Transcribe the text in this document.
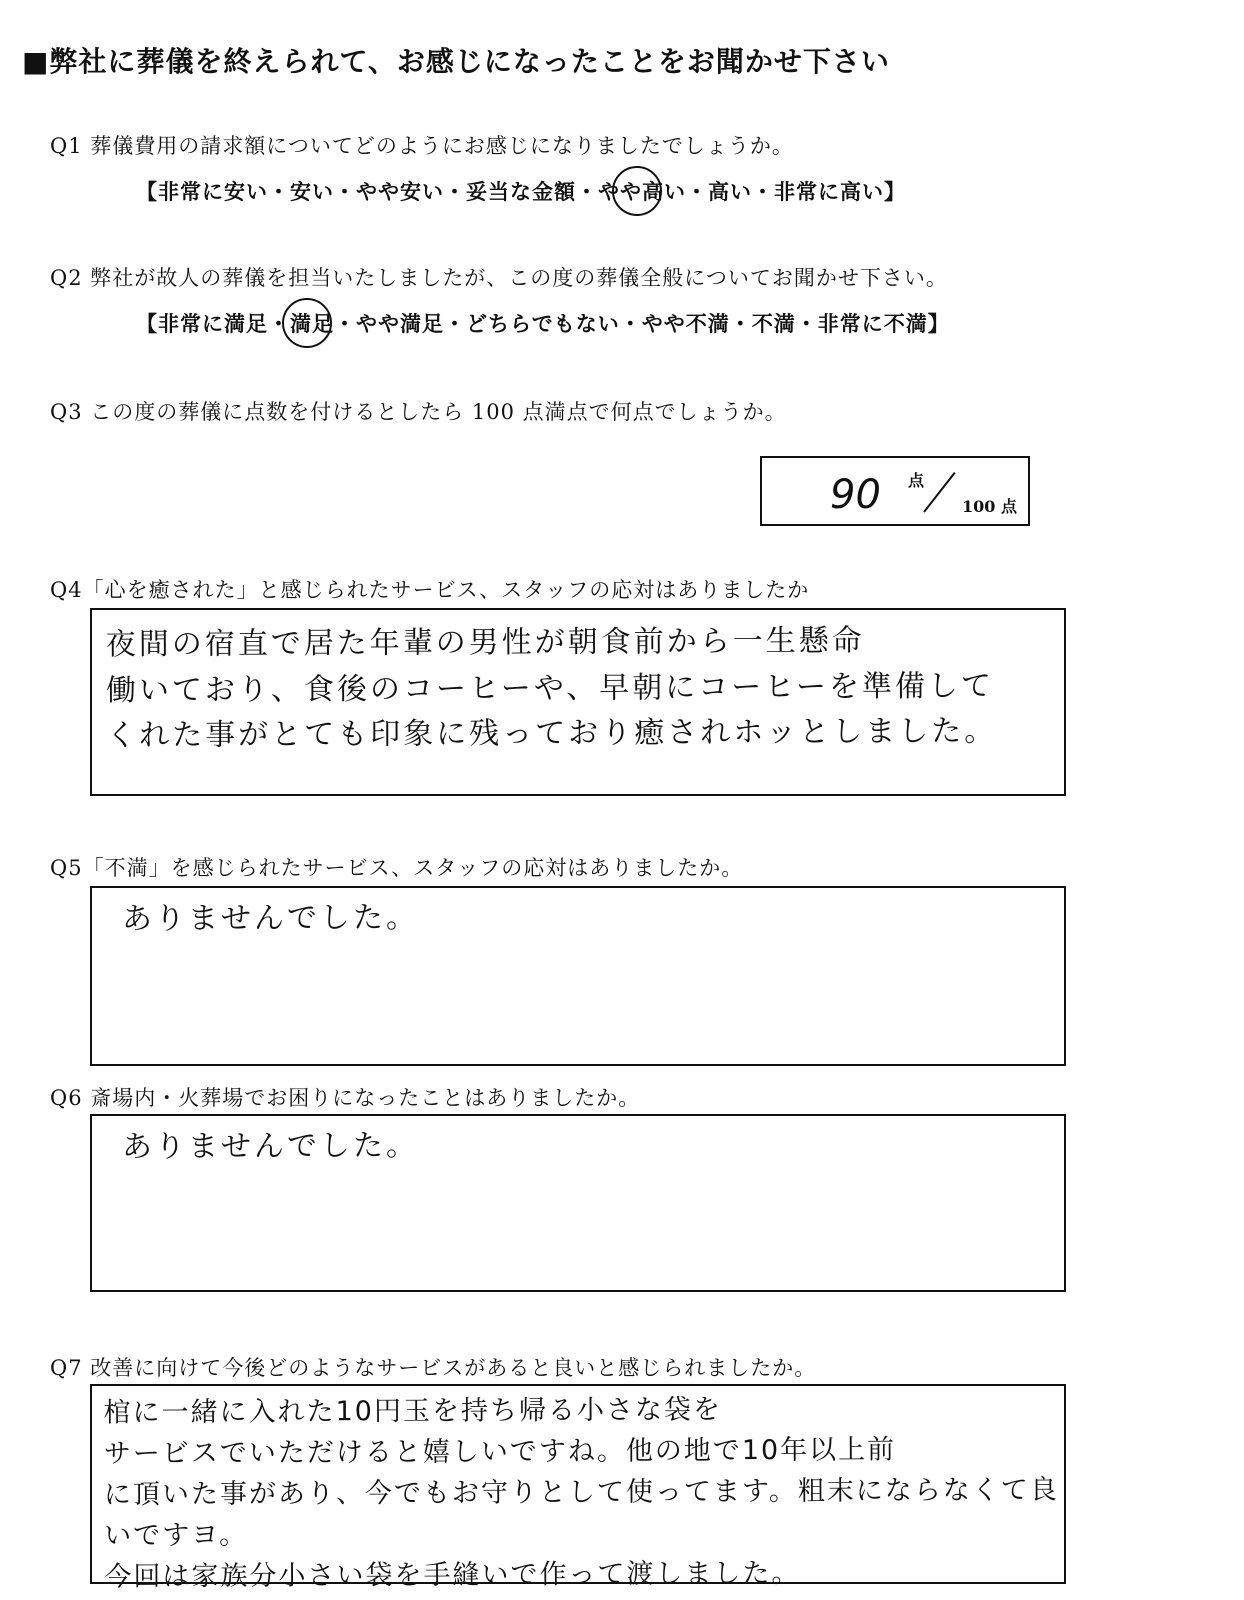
■弊社に葬儀を終えられて、お感じになったことをお聞かせ下さい
Q1 葬儀費用の請求額についてどのようにお感じになりましたでしょうか。
【非常に安い・安い・やや安い・妥当な金額・やや高い・高い・非常に高い】
Q2 弊社が故人の葬儀を担当いたしましたが、この度の葬儀全般についてお聞かせ下さい。
【非常に満足・満足・やや満足・どちらでもない・やや不満・不満・非常に不満】
Q3 この度の葬儀に点数を付けるとしたら 100 点満点で何点でしょうか。
90 点
100 点
Q4「心を癒された」と感じられたサービス、スタッフの応対はありましたか
夜間の宿直で居た年輩の男性が朝食前から一生懸命
働いており、食後のコーヒーや、早朝にコーヒーを準備して
くれた事がとても印象に残っており癒されホッとしました。
Q5「不満」を感じられたサービス、スタッフの応対はありましたか。
ありませんでした。
Q6 斎場内・火葬場でお困りになったことはありましたか。
ありませんでした。
Q7 改善に向けて今後どのようなサービスがあると良いと感じられましたか。
棺に一緒に入れた10円玉を持ち帰る小さな袋を
サービスでいただけると嬉しいですね。他の地で10年以上前
に頂いた事があり、今でもお守りとして使ってます。粗末にならなくて良いですヨ。
今回は家族分小さい袋を手縫いで作って渡しました。
